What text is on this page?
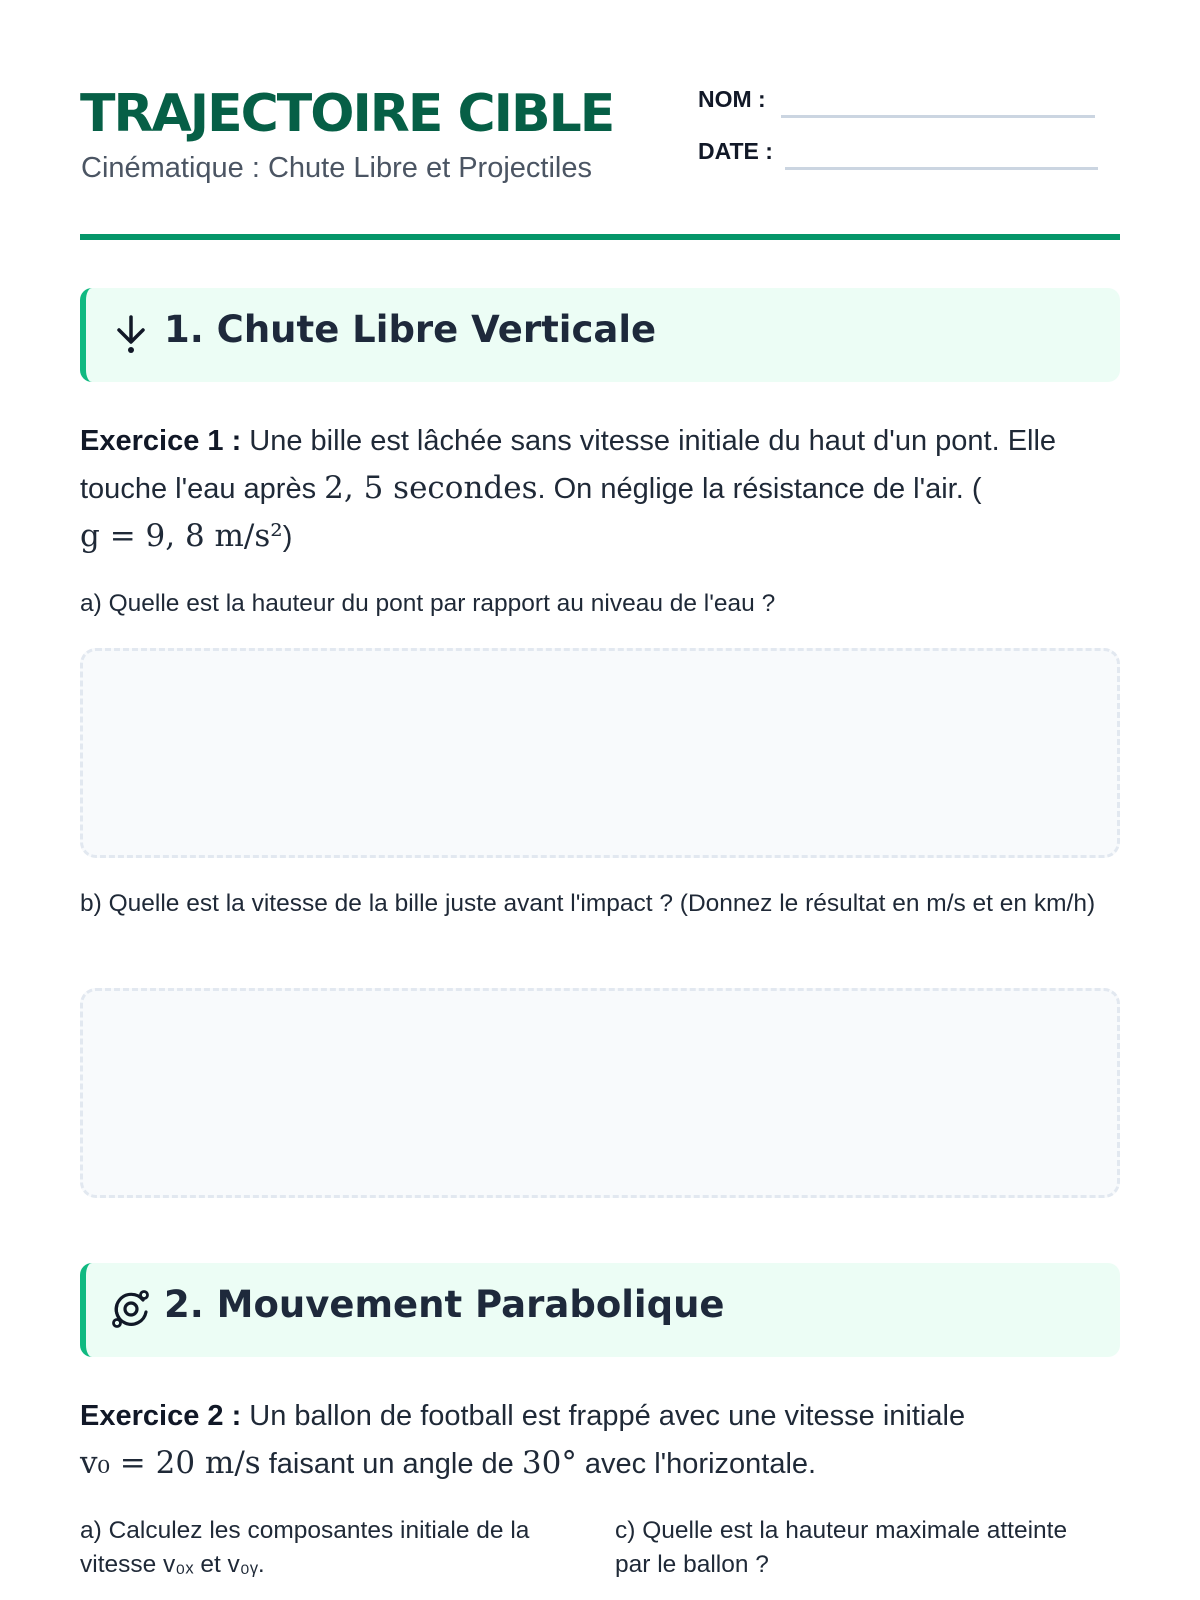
TRAJECTOIRE CIBLE

Cinématique : Chute Libre et Projectiles

NOM :
DATE :
1. Chute Libre Verticale

Exercice 1 : Une bille est lâchée sans vitesse initiale du haut d'un pont. Elle touche l'eau après 2, 5 secondes. On néglige la résistance de l'air. (
g = 9, 8 m/s²)

a) Quelle est la hauteur du pont par rapport au niveau de l'eau ?

b) Quelle est la vitesse de la bille juste avant l'impact ? (Donnez le résultat en m/s et en km/h)

2. Mouvement Parabolique

Exercice 2 : Un ballon de football est frappé avec une vitesse initiale
v₀ = 20 m/s faisant un angle de 30° avec l'horizontale.

a) Calculez les composantes initiale de la vitesse v₀ₓ et v₀ᵧ.

c) Quelle est la hauteur maximale atteinte par le ballon ?
